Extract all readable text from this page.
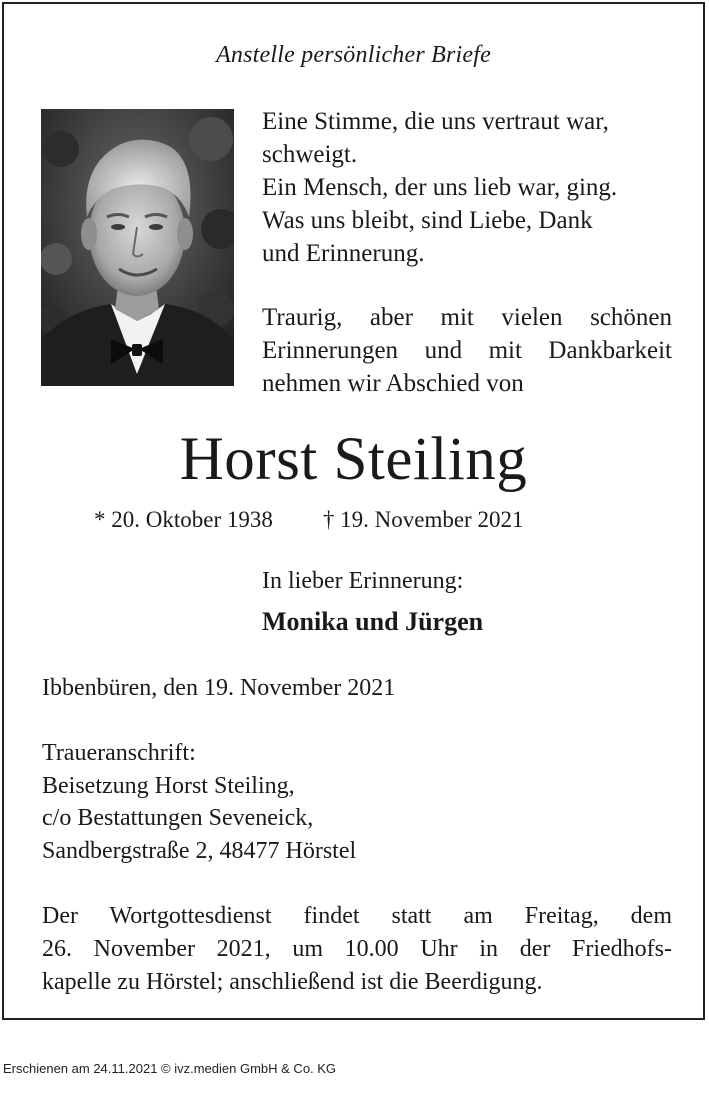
Anstelle persönlicher Briefe
Eine Stimme, die uns vertraut war,
schweigt.
Ein Mensch, der uns lieb war, ging.
Was uns bleibt, sind Liebe, Dank
und Erinnerung.
Traurig, aber mit vielen schönen
Erinnerungen und mit Dankbarkeit
nehmen wir Abschied von
Horst Steiling
* 20. Oktober 1938 † 19. November 2021
In lieber Erinnerung:
Monika und Jürgen
Ibbenbüren, den 19. November 2021
Traueranschrift:
Beisetzung Horst Steiling,
c/o Bestattungen Seveneick,
Sandbergstraße 2, 48477 Hörstel
Der Wortgottesdienst findet statt am Freitag, dem
26. November 2021, um 10.00 Uhr in der Friedhofs-
kapelle zu Hörstel; anschließend ist die Beerdigung.
Erschienen am 24.11.2021 © ivz.medien GmbH & Co. KG
